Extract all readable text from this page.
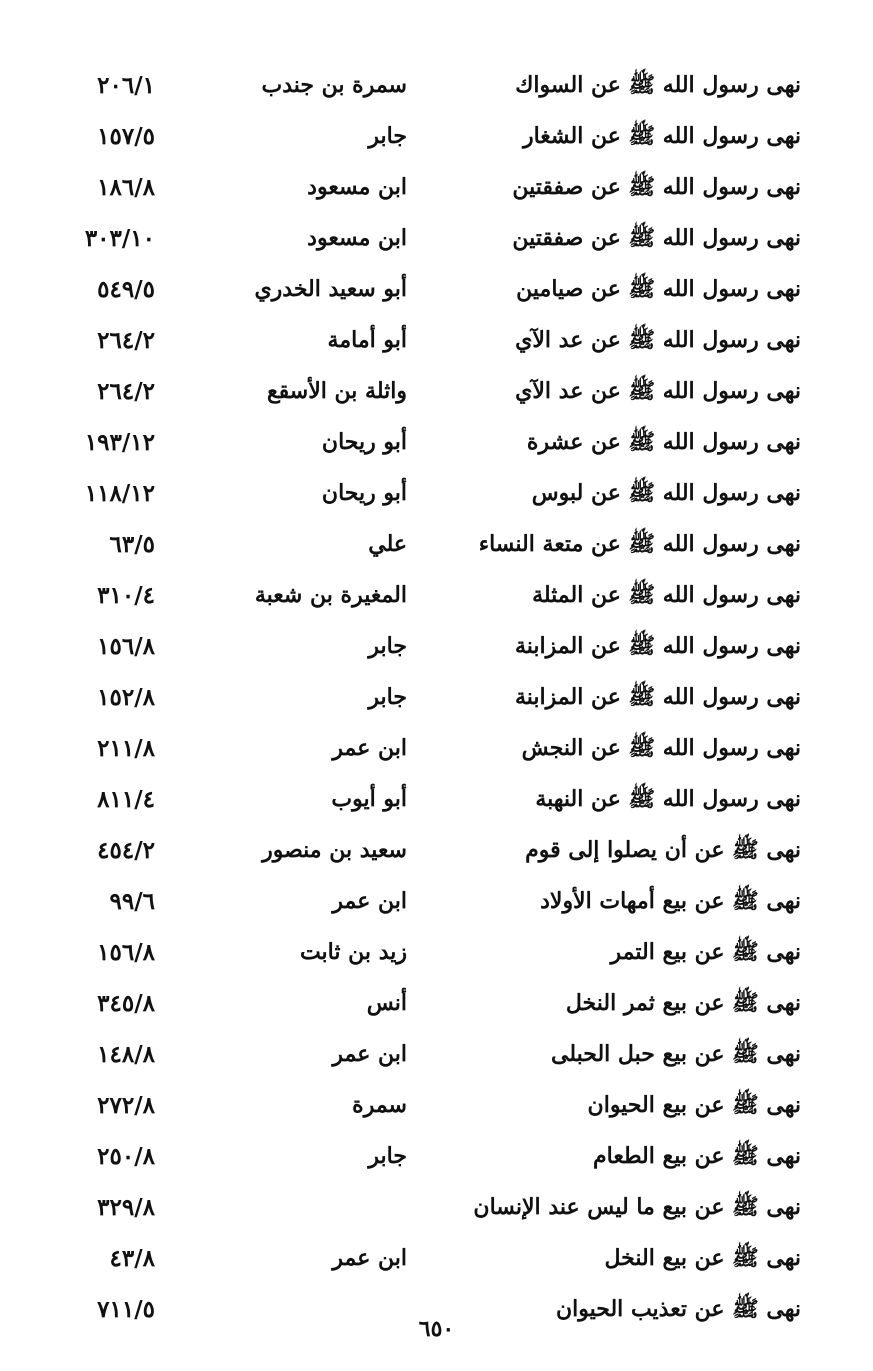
نهى رسول الله ﷺ عن السواك
سمرة بن جندب
٢٠٦/١
نهى رسول الله ﷺ عن الشغار
جابر
١٥٧/٥
نهى رسول الله ﷺ عن صفقتين
ابن مسعود
١٨٦/٨
نهى رسول الله ﷺ عن صفقتين
ابن مسعود
٣٠٣/١٠
نهى رسول الله ﷺ عن صيامين
أبو سعيد الخدري
٥٤٩/٥
نهى رسول الله ﷺ عن عد الآي
أبو أمامة
٢٦٤/٢
نهى رسول الله ﷺ عن عد الآي
واثلة بن الأسقع
٢٦٤/٢
نهى رسول الله ﷺ عن عشرة
أبو ريحان
١٩٣/١٢
نهى رسول الله ﷺ عن لبوس
أبو ريحان
١١٨/١٢
نهى رسول الله ﷺ عن متعة النساء
علي
٦٣/٥
نهى رسول الله ﷺ عن المثلة
المغيرة بن شعبة
٣١٠/٤
نهى رسول الله ﷺ عن المزابنة
جابر
١٥٦/٨
نهى رسول الله ﷺ عن المزابنة
جابر
١٥٢/٨
نهى رسول الله ﷺ عن النجش
ابن عمر
٢١١/٨
نهى رسول الله ﷺ عن النهبة
أبو أيوب
٨١١/٤
نهى ﷺ عن أن يصلوا إلى قوم
سعيد بن منصور
٤٥٤/٢
نهى ﷺ عن بيع أمهات الأولاد
ابن عمر
٩٩/٦
نهى ﷺ عن بيع التمر
زيد بن ثابت
١٥٦/٨
نهى ﷺ عن بيع ثمر النخل
أنس
٣٤٥/٨
نهى ﷺ عن بيع حبل الحبلى
ابن عمر
١٤٨/٨
نهى ﷺ عن بيع الحيوان
سمرة
٢٧٢/٨
نهى ﷺ عن بيع الطعام
جابر
٢٥٠/٨
نهى ﷺ عن بيع ما ليس عند الإنسان
٣٢٩/٨
نهى ﷺ عن بيع النخل
ابن عمر
٤٣/٨
نهى ﷺ عن تعذيب الحيوان
٧١١/٥
٦٥٠
